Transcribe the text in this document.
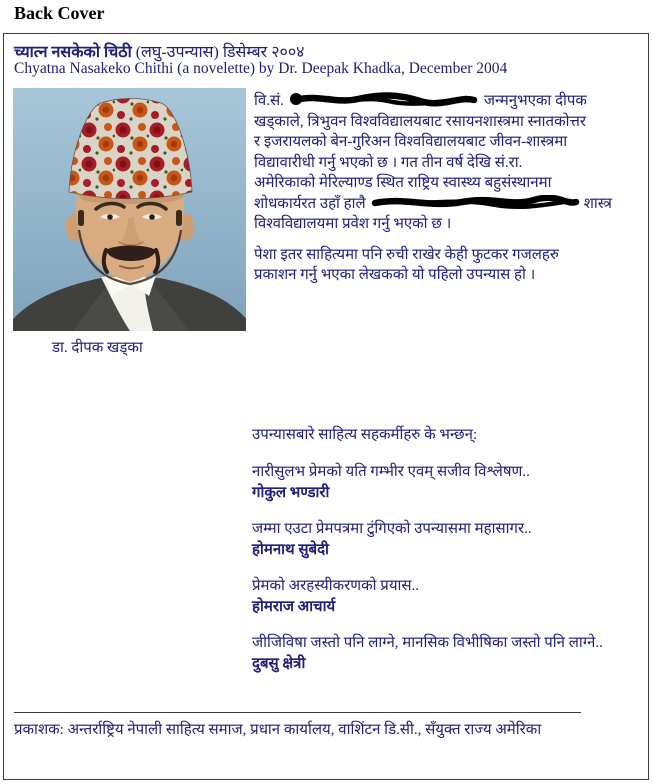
Back Cover
च्यात्न नसकेको चिठी (लघु-उपन्यास) डिसेम्बर २००४
Chyatna Nasakeko Chithi (a novelette) by Dr. Deepak Khadka, December 2004
डा. दीपक खड्का
वि.सं.	जन्मनुभएका दीपक
खड्काले, त्रिभुवन विश्वविद्यालयबाट रसायनशास्त्रमा स्नातकोत्तर
र इजरायलको बेन-गुरिअन विश्वविद्यालयबाट जीवन-शास्त्रमा
विद्यावारीधी गर्नु भएको छ । गत तीन वर्ष देखि सं.रा.
अमेरिकाको मेरिल्याण्ड स्थित राष्ट्रिय स्वास्थ्य बहुसंस्थानमा
शोधकार्यरत उहाँ हालै	शास्त्र
विश्वविद्यालयमा प्रवेश गर्नु भएको छ ।
पेशा इतर साहित्यमा पनि रुची राखेर केही फुटकर गजलहरु
प्रकाशन गर्नु भएका लेखकको यो पहिलो उपन्यास हो ।
उपन्यासबारे साहित्य सहकर्मीहरु के भन्छन्:
नारीसुलभ प्रेमको यति गम्भीर एवम् सजीव विश्लेषण..
गोकुल भण्डारी
जम्मा एउटा प्रेमपत्रमा टुंगिएको उपन्यासमा महासागर..
होमनाथ सुबेदी
प्रेमको अरहस्यीकरणको प्रयास..
होमराज आचार्य
जीजिविषा जस्तो पनि लाग्ने, मानसिक विभीषिका जस्तो पनि लाग्ने..
दुबसु क्षेत्री
प्रकाशक: अन्तर्राष्ट्रिय नेपाली साहित्य समाज, प्रधान कार्यालय, वाशिंटन डि.सी., सँयुक्त राज्य अमेरिका
